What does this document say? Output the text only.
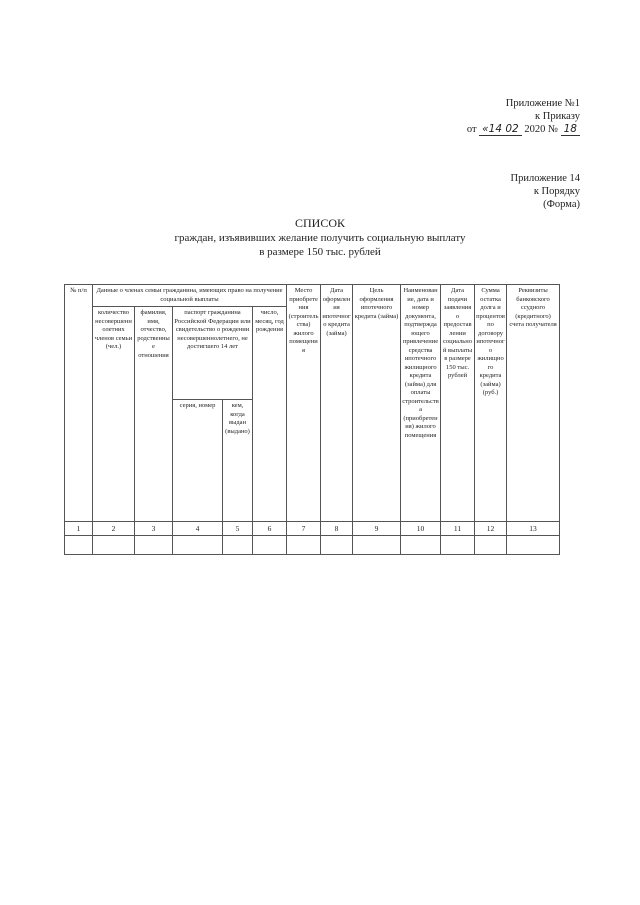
Приложение №1
к Приказу
от «14 02 2020 № 18
Приложение 14
к Порядку
(Форма)
СПИСОК
граждан, изъявивших желание получить социальную выплату
в размере 150 тыс. рублей
№ п/п	Данные о членах семьи гражданина, имеющих право на получение социальной выплаты					Место приобретения (строительства) жилого помещения	Дата оформления ипотечного кредита (займа)	Цель оформления ипотечного кредита (займа)	Наименование, дата и номер документа, подтверждающего привлечение средства ипотечного жилищного кредита (займа) для оплаты строительства (приобретения) жилого помещения	Дата подачи заявления о предоставлении социальной выплаты в размере 150 тыс. рублей	Сумма остатка долга и процентов по договору ипотечного жилищного кредита (займа) (руб.)	Реквизиты банковского ссудного (кредитного) счета получателя
	количество несовершеннолетних членов семьи (чел.)	фамилия, имя, отчество, родственные отношения	паспорт гражданина Российской Федерации или свидетельство о рождении несовершеннолетнего, не достигшего 14 лет		число, месяц, год рождения							
			серия, номер	кем, когда выдан (выдано)								
1	2	3	4	5	6	7	8	9	10	11	12	13
